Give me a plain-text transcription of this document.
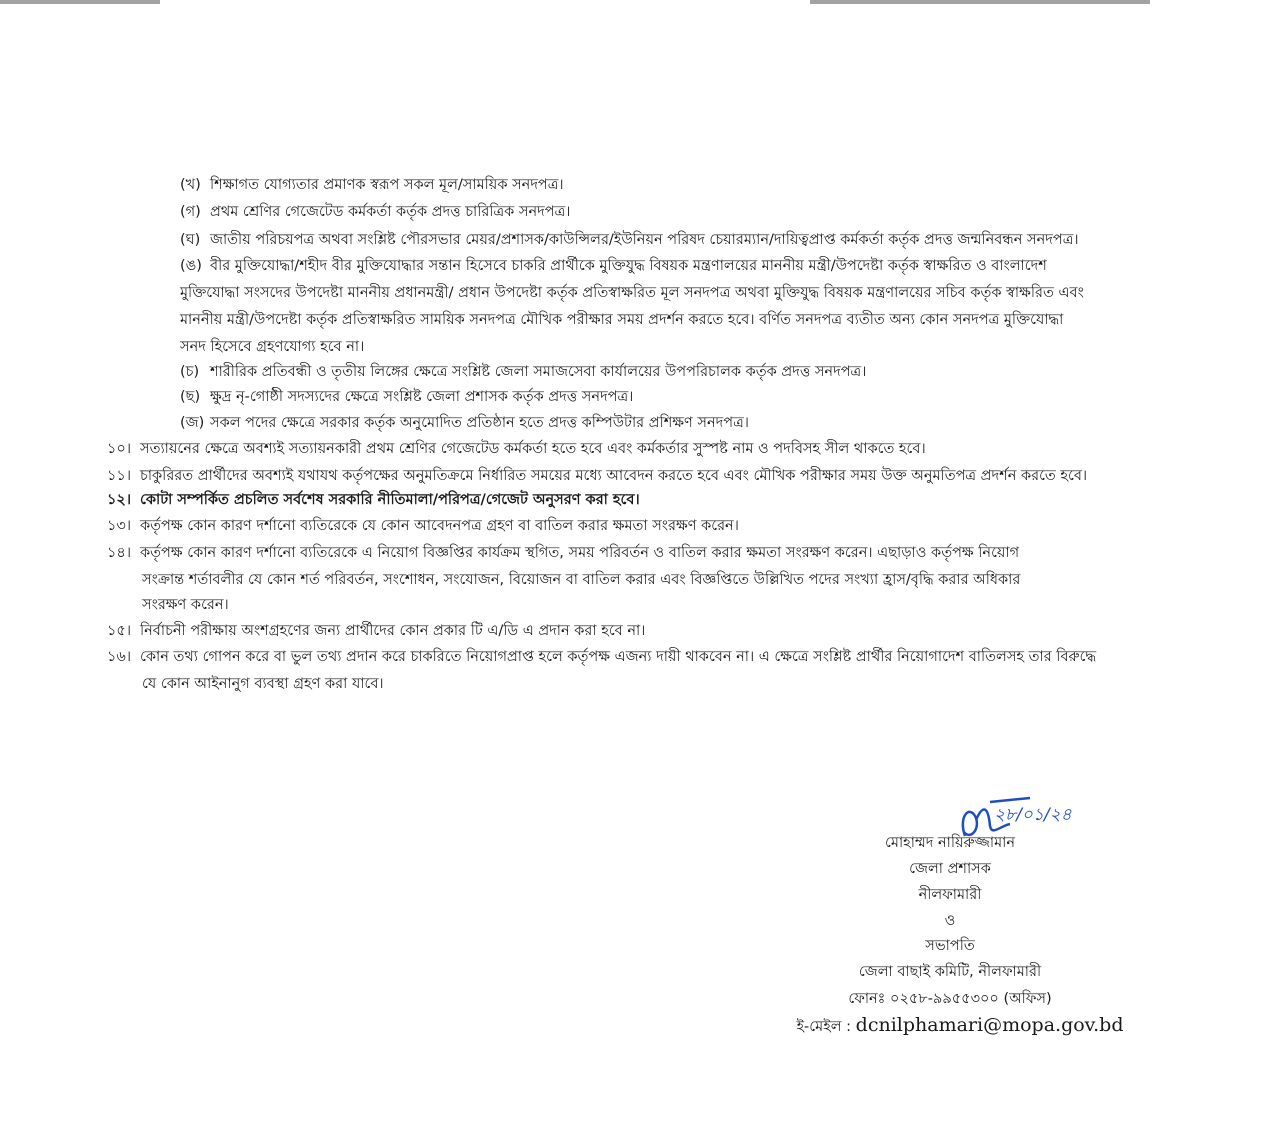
(খ) শিক্ষাগত যোগ্যতার প্রমাণক স্বরূপ সকল মূল/সাময়িক সনদপত্র।
(গ) প্রথম শ্রেণির গেজেটেড কর্মকর্তা কর্তৃক প্রদত্ত চারিত্রিক সনদপত্র।
(ঘ) জাতীয় পরিচয়পত্র অথবা সংশ্লিষ্ট পৌরসভার মেয়র/প্রশাসক/কাউন্সিলর/ইউনিয়ন পরিষদ চেয়ারম্যান/দায়িত্বপ্রাপ্ত কর্মকর্তা কর্তৃক প্রদত্ত জন্মনিবন্ধন সনদপত্র।
(ঙ) বীর মুক্তিযোদ্ধা/শহীদ বীর মুক্তিযোদ্ধার সন্তান হিসেবে চাকরি প্রার্থীকে মুক্তিযুদ্ধ বিষয়ক মন্ত্রণালয়ের মাননীয় মন্ত্রী/উপদেষ্টা কর্তৃক স্বাক্ষরিত ও বাংলাদেশ
মুক্তিযোদ্ধা সংসদের উপদেষ্টা মাননীয় প্রধানমন্ত্রী/ প্রধান উপদেষ্টা কর্তৃক প্রতিস্বাক্ষরিত মূল সনদপত্র অথবা মুক্তিযুদ্ধ বিষয়ক মন্ত্রণালয়ের সচিব কর্তৃক স্বাক্ষরিত এবং
মাননীয় মন্ত্রী/উপদেষ্টা কর্তৃক প্রতিস্বাক্ষরিত সাময়িক সনদপত্র মৌখিক পরীক্ষার সময় প্রদর্শন করতে হবে। বর্ণিত সনদপত্র ব্যতীত অন্য কোন সনদপত্র মুক্তিযোদ্ধা
সনদ হিসেবে গ্রহণযোগ্য হবে না।
(চ) শারীরিক প্রতিবন্ধী ও তৃতীয় লিঙ্গের ক্ষেত্রে সংশ্লিষ্ট জেলা সমাজসেবা কার্যালয়ের উপপরিচালক কর্তৃক প্রদত্ত সনদপত্র।
(ছ) ক্ষুদ্র নৃ-গোষ্ঠী সদস্যদের ক্ষেত্রে সংশ্লিষ্ট জেলা প্রশাসক কর্তৃক প্রদত্ত সনদপত্র।
(জ) সকল পদের ক্ষেত্রে সরকার কর্তৃক অনুমোদিত প্রতিষ্ঠান হতে প্রদত্ত কম্পিউটার প্রশিক্ষণ সনদপত্র।
১০। সত্যায়নের ক্ষেত্রে অবশ্যই সত্যায়নকারী প্রথম শ্রেণির গেজেটেড কর্মকর্তা হতে হবে এবং কর্মকর্তার সুস্পষ্ট নাম ও পদবিসহ সীল থাকতে হবে।
১১। চাকুরিরত প্রার্থীদের অবশ্যই যথাযথ কর্তৃপক্ষের অনুমতিক্রমে নির্ধারিত সময়ের মধ্যে আবেদন করতে হবে এবং মৌখিক পরীক্ষার সময় উক্ত অনুমতিপত্র প্রদর্শন করতে হবে।
১২। কোটা সম্পর্কিত প্রচলিত সর্বশেষ সরকারি নীতিমালা/পরিপত্র/গেজেট অনুসরণ করা হবে।
১৩। কর্তৃপক্ষ কোন কারণ দর্শানো ব্যতিরেকে যে কোন আবেদনপত্র গ্রহণ বা বাতিল করার ক্ষমতা সংরক্ষণ করেন।
১৪। কর্তৃপক্ষ কোন কারণ দর্শানো ব্যতিরেকে এ নিয়োগ বিজ্ঞপ্তির কার্যক্রম স্থগিত, সময় পরিবর্তন ও বাতিল করার ক্ষমতা সংরক্ষণ করেন। এছাড়াও কর্তৃপক্ষ নিয়োগ
সংক্রান্ত শর্তাবলীর যে কোন শর্ত পরিবর্তন, সংশোধন, সংযোজন, বিয়োজন বা বাতিল করার এবং বিজ্ঞপ্তিতে উল্লিখিত পদের সংখ্যা হ্রাস/বৃদ্ধি করার অধিকার
সংরক্ষণ করেন।
১৫। নির্বাচনী পরীক্ষায় অংশগ্রহণের জন্য প্রার্থীদের কোন প্রকার টি এ/ডি এ প্রদান করা হবে না।
১৬। কোন তথ্য গোপন করে বা ভুল তথ্য প্রদান করে চাকরিতে নিয়োগপ্রাপ্ত হলে কর্তৃপক্ষ এজন্য দায়ী থাকবেন না। এ ক্ষেত্রে সংশ্লিষ্ট প্রার্থীর নিয়োগাদেশ বাতিলসহ তার বিরুদ্ধে
যে কোন আইনানুগ ব্যবস্থা গ্রহণ করা যাবে।
২৮/০১/২৪
মোহাম্মদ নায়িরুজ্জামান
জেলা প্রশাসক
নীলফামারী
ও
সভাপতি
জেলা বাছাই কমিটি, নীলফামারী
ফোনঃ ০২৫৮-৯৯৫৫৩০০ (অফিস)
ই-মেইল : dcnilphamari@mopa.gov.bd
